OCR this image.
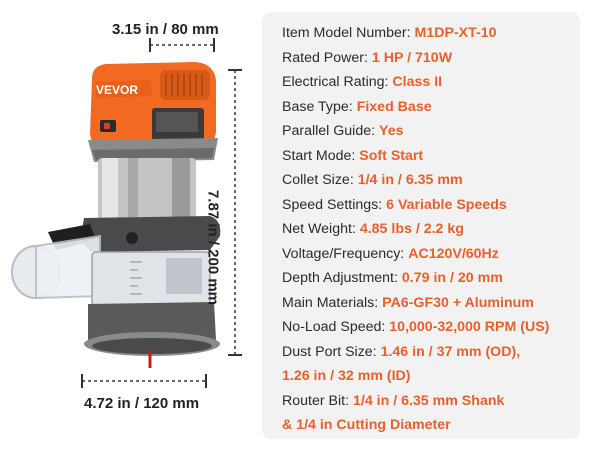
VEVOR
3.15 in / 80 mm
7.87 in / 200 mm
4.72 in / 120 mm
Item Model Number: M1DP-XT-10
Rated Power: 1 HP / 710W
Electrical Rating: Class II
Base Type: Fixed Base
Parallel Guide: Yes
Start Mode: Soft Start
Collet Size: 1/4 in / 6.35 mm
Speed Settings: 6 Variable Speeds
Net Weight: 4.85 lbs / 2.2 kg
Voltage/Frequency: AC120V/60Hz
Depth Adjustment: 0.79 in / 20 mm
Main Materials: PA6-GF30 + Aluminum
No-Load Speed: 10,000-32,000 RPM (US)
Dust Port Size: 1.46 in / 37 mm (OD),
1.26 in / 32 mm (ID)
Router Bit: 1/4 in / 6.35 mm Shank
& 1/4 in Cutting Diameter
